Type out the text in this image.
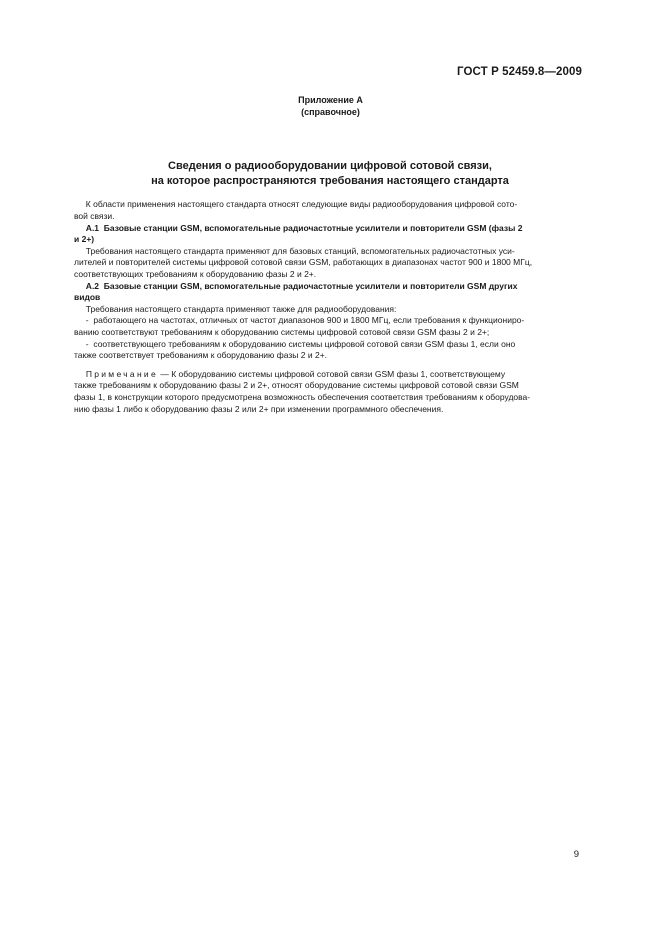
ГОСТ Р 52459.8—2009
Приложение А
(справочное)
Сведения о радиооборудовании цифровой сотовой связи,
на которое распространяются требования настоящего стандарта
К области применения настоящего стандарта относят следующие виды радиооборудования цифровой сото-
вой связи.
А.1  Базовые станции GSM, вспомогательные радиочастотные усилители и повторители GSM (фазы 2
и 2+)
Требования настоящего стандарта применяют для базовых станций, вспомогательных радиочастотных уси-
лителей и повторителей системы цифровой сотовой связи GSM, работающих в диапазонах частот 900 и 1800 МГц,
соответствующих требованиям к оборудованию фазы 2 и 2+.
А.2  Базовые станции GSM, вспомогательные радиочастотные усилители и повторители GSM других
видов
Требования настоящего стандарта применяют также для радиооборудования:
-  работающего на частотах, отличных от частот диапазонов 900 и 1800 МГц, если требования к функционирo-
ванию соответствуют требованиям к оборудованию системы цифровой сотовой связи GSM фазы 2 и 2+;
-  соответствующего требованиям к оборудованию системы цифровой сотовой связи GSM фазы 1, если оно
также соответствует требованиям к оборудованию фазы 2 и 2+.
Примечание — К оборудованию системы цифровой сотовой связи GSM фазы 1, соответствующему
также требованиям к оборудованию фазы 2 и 2+, относят оборудование системы цифровой сотовой связи GSM
фазы 1, в конструкции которого предусмотрена возможность обеспечения соответствия требованиям к оборудова-
нию фазы 1 либо к оборудованию фазы 2 или 2+ при изменении программного обеспечения.
9
